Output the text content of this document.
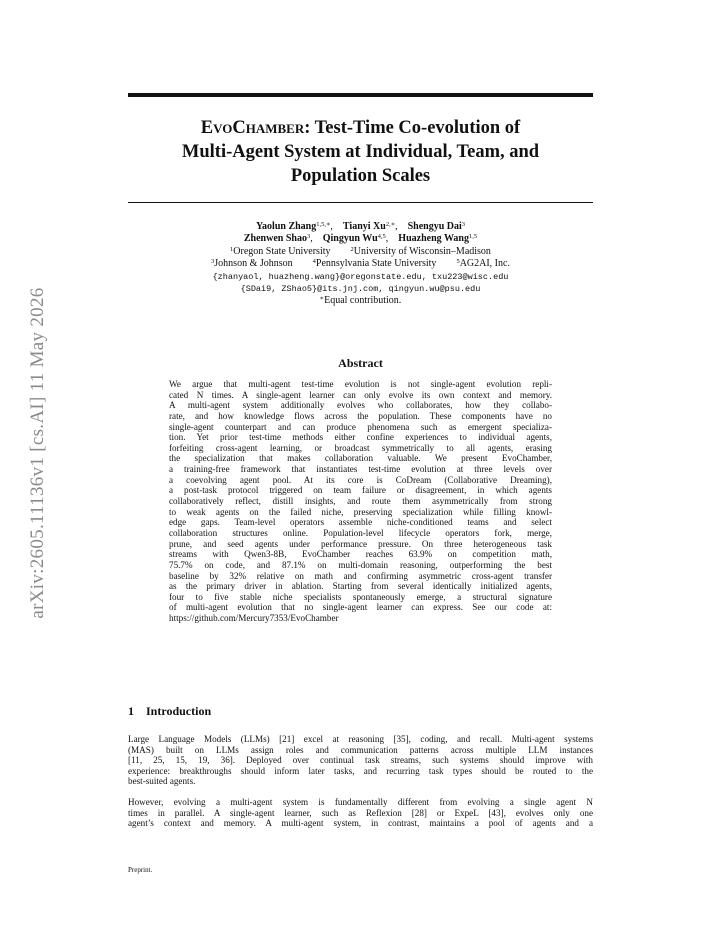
arXiv:2605.11136v1 [cs.AI] 11 May 2026
EvoChamber: Test-Time Co-evolution of
Multi-Agent System at Individual, Team, and
Population Scales
Yaolun Zhang$^{1,5,∗}$,    Tianyi $Xu^{2,∗}$,    Shengyu Dai$^3$
Zhenwen Shao$^3$,    Qingyun Wu$^{4,5}$,    Huazheng Wang$^{1,5}$
$^1$Oregon State University	$^2$University of Wisconsin–Madison
$^3$Johnson & Johnson	$^4$Pennsylvania State University	$^5$AG2AI, Inc.
{zhanyaol, huazheng.wang}@oregonstate.edu, txu223@wisc.edu
{SDai9, ZShao5}@its.jnj.com, qingyun.wu@psu.edu
∗Equal contribution.
Abstract
We argue that multi-agent test-time evolution is not single-agent evolution repli-
cated N times. A single-agent learner can only evolve its own context and memory.
A multi-agent system additionally evolves who collaborates, how they collabo-
rate, and how knowledge flows across the population. These components have no
single-agent counterpart and can produce phenomena such as emergent specializa-
tion. Yet prior test-time methods either confine experiences to individual agents,
forfeiting cross-agent learning, or broadcast symmetrically to all agents, erasing
the specialization that makes collaboration valuable. We present EvoChamber,
a training-free framework that instantiates test-time evolution at three levels over
a coevolving agent pool. At its core is CoDream (Collaborative Dreaming),
a post-task protocol triggered on team failure or disagreement, in which agents
collaboratively reflect, distill insights, and route them asymmetrically from strong
to weak agents on the failed niche, preserving specialization while filling knowl-
edge gaps. Team-level operators assemble niche-conditioned teams and select
collaboration structures online. Population-level lifecycle operators fork, merge,
prune, and seed agents under performance pressure. On three heterogeneous task
streams with Qwen3-8B, EvoChamber reaches 63.9% on competition math,
75.7% on code, and 87.1% on multi-domain reasoning, outperforming the best
baseline by 32% relative on math and confirming asymmetric cross-agent transfer
as the primary driver in ablation. Starting from several identically initialized agents,
four to five stable niche specialists spontaneously emerge, a structural signature
of multi-agent evolution that no single-agent learner can express. See our code at:
https://github.com/Mercury7353/EvoChamber
1 Introduction
Large Language Models (LLMs) [21] excel at reasoning [35], coding, and recall. Multi-agent systems
(MAS) built on LLMs assign roles and communication patterns across multiple LLM instances
[11, 25, 15, 19, 36]. Deployed over continual task streams, such systems should improve with
experience: breakthroughs should inform later tasks, and recurring task types should be routed to the
best-suited agents.
However, evolving a multi-agent system is fundamentally different from evolving a single agent N
times in parallel. A single-agent learner, such as Reflexion [28] or ExpeL [43], evolves only one
agent’s context and memory. A multi-agent system, in contrast, maintains a pool of agents and a
Preprint.
